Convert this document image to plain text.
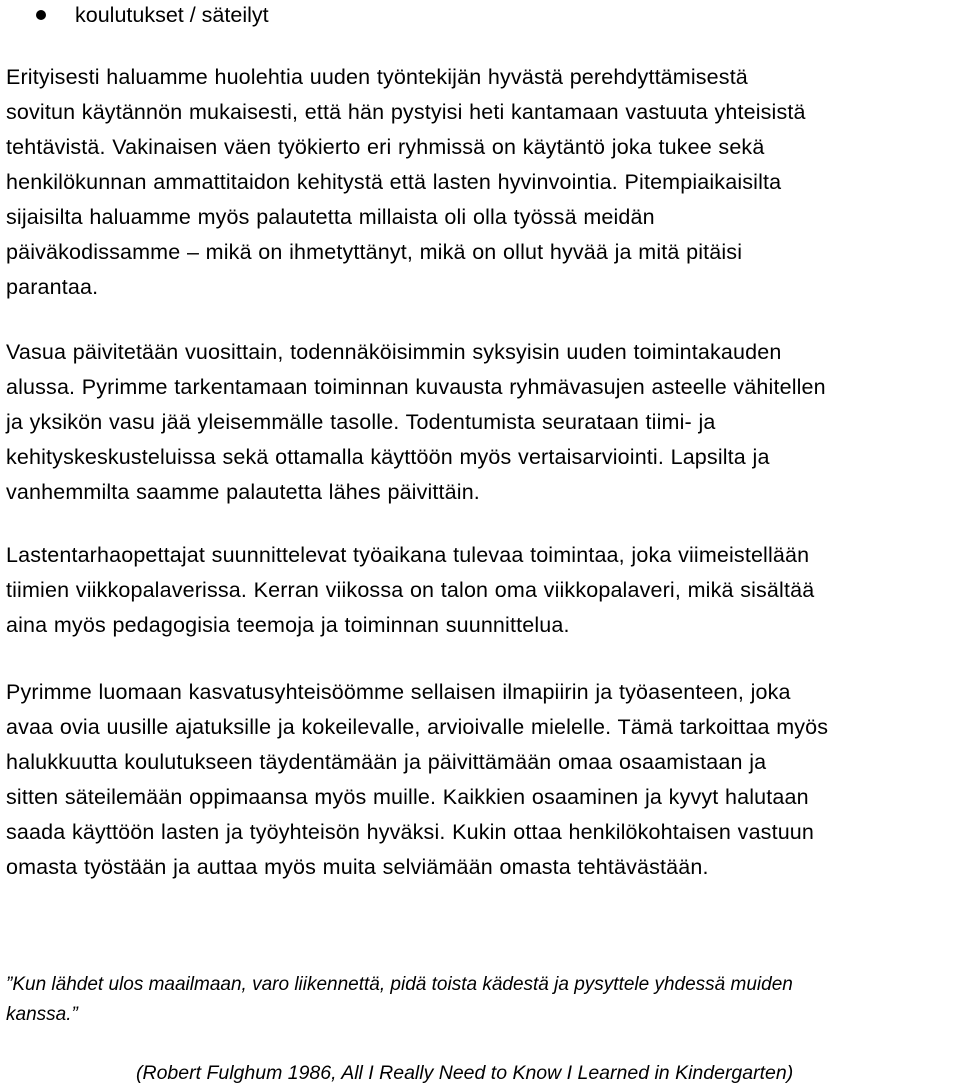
koulutukset / säteilyt

Erityisesti haluamme huolehtia uuden työntekijän hyvästä perehdyttämisestä
sovitun käytännön mukaisesti, että hän pystyisi heti kantamaan vastuuta yhteisistä
tehtävistä. Vakinaisen väen työkierto eri ryhmissä on käytäntö joka tukee sekä
henkilökunnan ammattitaidon kehitystä että lasten hyvinvointia. Pitempiaikaisilta
sijaisilta haluamme myös palautetta millaista oli olla työssä meidän
päiväkodissamme – mikä on ihmetyttänyt, mikä on ollut hyvää ja mitä pitäisi
parantaa.

Vasua päivitetään vuosittain, todennäköisimmin syksyisin uuden toimintakauden
alussa. Pyrimme tarkentamaan toiminnan kuvausta ryhmävasujen asteelle vähitellen
ja yksikön vasu jää yleisemmälle tasolle. Todentumista seurataan tiimi- ja
kehityskeskusteluissa sekä ottamalla käyttöön myös vertaisarviointi. Lapsilta ja
vanhemmilta saamme palautetta lähes päivittäin.

Lastentarhaopettajat suunnittelevat työaikana tulevaa toimintaa, joka viimeistellään
tiimien viikkopalaverissa. Kerran viikossa on talon oma viikkopalaveri, mikä sisältää
aina myös pedagogisia teemoja ja toiminnan suunnittelua.

Pyrimme luomaan kasvatusyhteisöömme sellaisen ilmapiirin ja työasenteen, joka
avaa ovia uusille ajatuksille ja kokeilevalle, arvioivalle mielelle. Tämä tarkoittaa myös
halukkuutta koulutukseen täydentämään ja päivittämään omaa osaamistaan ja
sitten säteilemään oppimaansa myös muille. Kaikkien osaaminen ja kyvyt halutaan
saada käyttöön lasten ja työyhteisön hyväksi. Kukin ottaa henkilökohtaisen vastuun
omasta työstään ja auttaa myös muita selviämään omasta tehtävästään.

”Kun lähdet ulos maailmaan, varo liikennettä, pidä toista kädestä ja pysyttele yhdessä muiden
kanssa.”

(Robert Fulghum 1986, All I Really Need to Know I Learned in Kindergarten)
